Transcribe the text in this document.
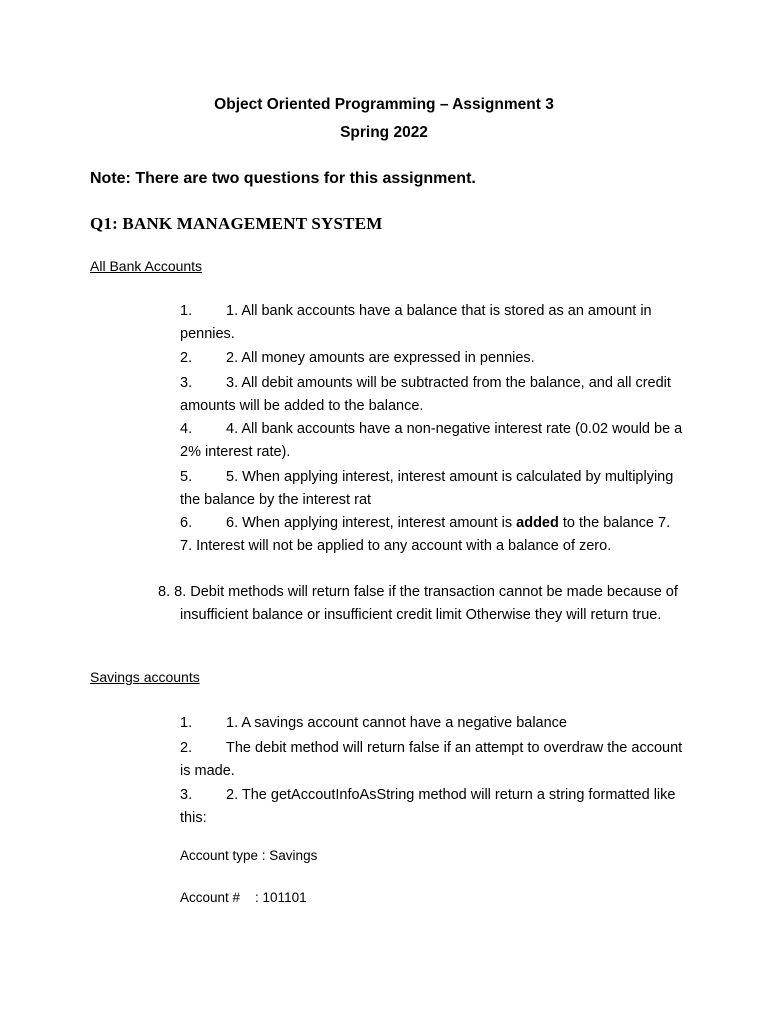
Object Oriented Programming – Assignment 3
Spring 2022
Note: There are two questions for this assignment.
Q1: BANK MANAGEMENT SYSTEM
All Bank Accounts
1. 1. All bank accounts have a balance that is stored as an amount in pennies.
2. 2. All money amounts are expressed in pennies.
3. 3. All debit amounts will be subtracted from the balance, and all credit amounts will be added to the balance.
4. 4. All bank accounts have a non-negative interest rate (0.02 would be a 2% interest rate).
5. 5. When applying interest, interest amount is calculated by multiplying the balance by the interest rat
6. 6. When applying interest, interest amount is added to the balance 7. 7. Interest will not be applied to any account with a balance of zero.
8. 8. Debit methods will return false if the transaction cannot be made because of insufficient balance or insufficient credit limit Otherwise they will return true.
Savings accounts
1. 1. A savings account cannot have a negative balance
2. The debit method will return false if an attempt to overdraw the account is made.
3. 2. The getAccoutInfoAsString method will return a string formatted like this:
Account type : Savings
Account #    : 101101
